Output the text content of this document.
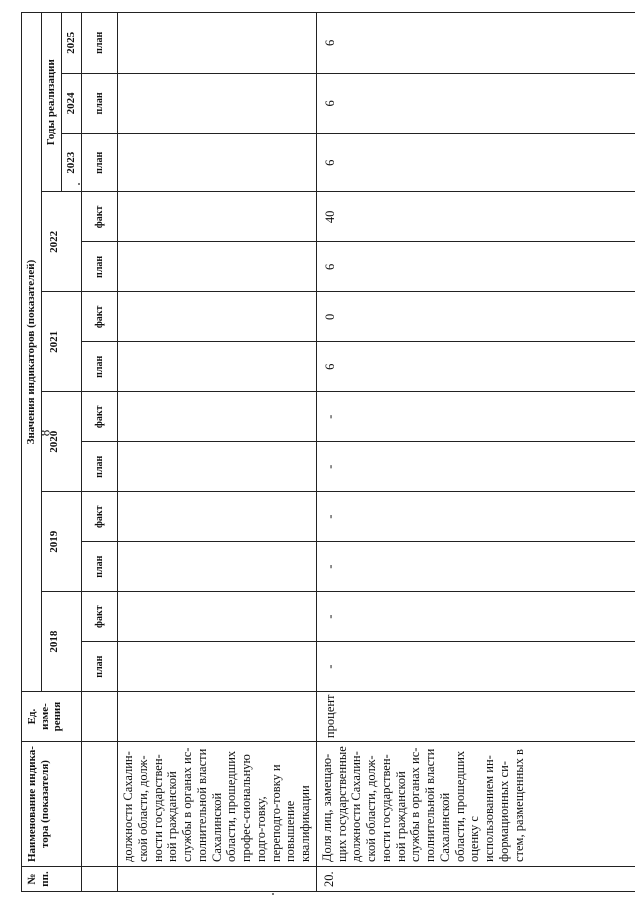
8
№ пп.	Наименование индика-тора (показателя)	Ед. изме-рения	Значения индикаторов (показателей)												
			2018		2019		2020		2021		2022		Годы реализации		
													2023	2024	2025
			план	факт	план	факт	план	факт	план	факт	план	факт	план	план	план
	должности Сахалин-ской области, долж-ности государствен-ной гражданской службы в органах ис-полнительной власти Сахалинской области, прошедших профес-сиональную подго-товку, переподго-товку и повышение квалификации														
20.	Доля лиц, замещаю-щих государственные должности Сахалин-ской области, долж-ности государствен-ной гражданской службы в органах ис-полнительной власти Сахалинской области, прошедших оценку с использованием ин-формационных си-стем, размещенных в	процент	-	-	-	-	-	-	6	0	6	40	6	6	6
